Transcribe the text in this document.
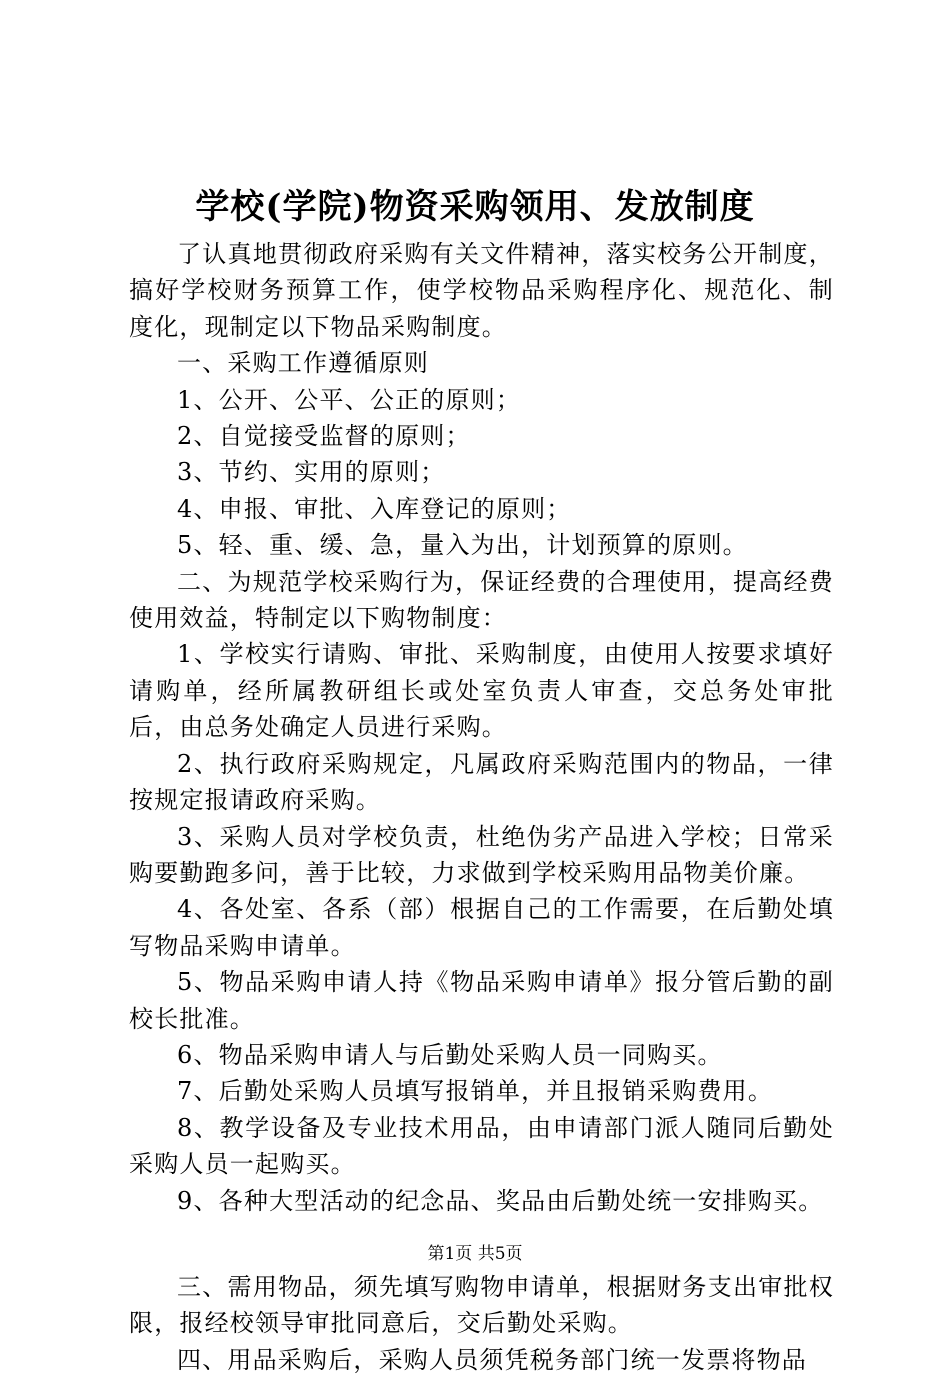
学校(学院)物资采购领用、发放制度

了认真地贯彻政府采购有关文件精神，落实校务公开制度，搞好学校财务预算工作，使学校物品采购程序化、规范化、制度化，现制定以下物品采购制度。

一、采购工作遵循原则

1、公开、公平、公正的原则；

2、自觉接受监督的原则；

3、节约、实用的原则；

4、申报、审批、入库登记的原则；

5、轻、重、缓、急，量入为出，计划预算的原则。

二、为规范学校采购行为，保证经费的合理使用，提高经费使用效益，特制定以下购物制度：

1、学校实行请购、审批、采购制度，由使用人按要求填好请购单，经所属教研组长或处室负责人审查，交总务处审批后，由总务处确定人员进行采购。

2、执行政府采购规定，凡属政府采购范围内的物品，一律按规定报请政府采购。

3、采购人员对学校负责，杜绝伪劣产品进入学校；日常采购要勤跑多问，善于比较，力求做到学校采购用品物美价廉。

4、各处室、各系（部）根据自己的工作需要，在后勤处填写物品采购申请单。

5、物品采购申请人持《物品采购申请单》报分管后勤的副校长批准。

6、物品采购申请人与后勤处采购人员一同购买。

7、后勤处采购人员填写报销单，并且报销采购费用。

8、教学设备及专业技术用品，由申请部门派人随同后勤处采购人员一起购买。

9、各种大型活动的纪念品、奖品由后勤处统一安排购买。

三、需用物品，须先填写购物申请单，根据财务支出审批权限，报经校领导审批同意后，交后勤处采购。

四、用品采购后，采购人员须凭税务部门统一发票将物品

第1页 共5页
